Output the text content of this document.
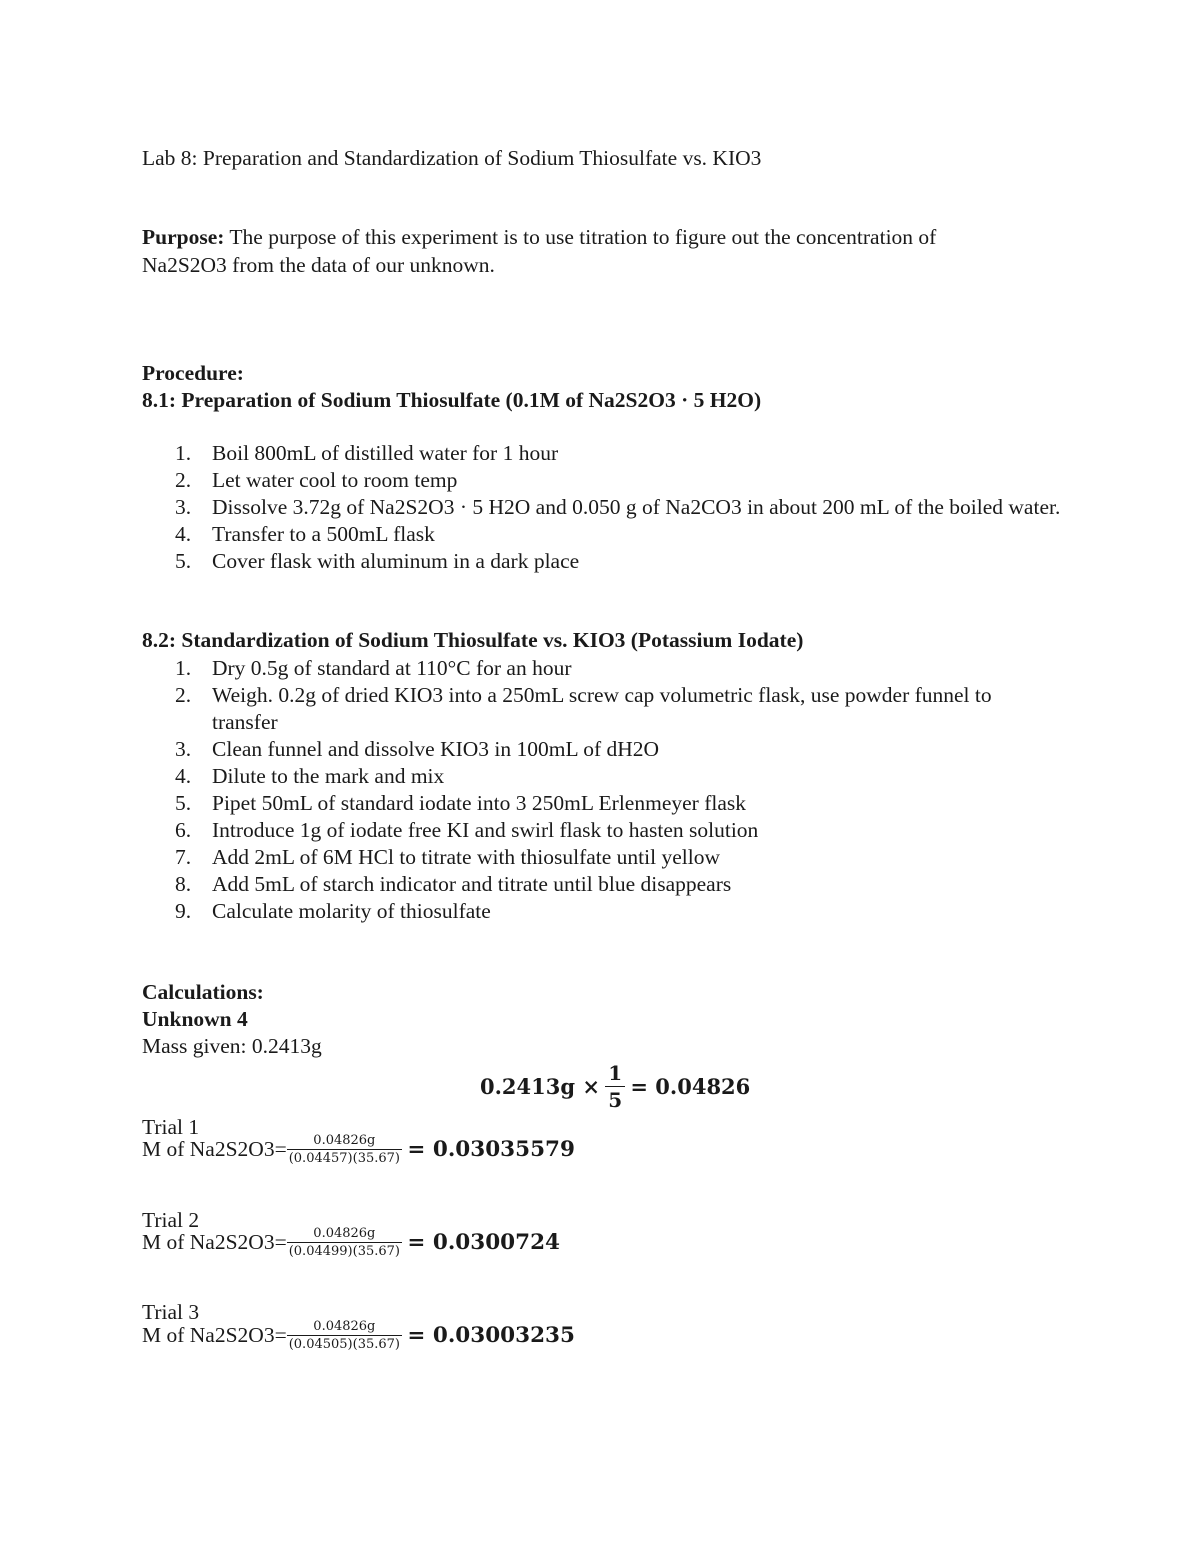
Lab 8: Preparation and Standardization of Sodium Thiosulfate vs. KIO3
Purpose: The purpose of this experiment is to use titration to figure out the concentration of
Na2S2O3 from the data of our unknown.
Procedure:
8.1: Preparation of Sodium Thiosulfate (0.1M of Na2S2O3 · 5 H2O)
1. Boil 800mL of distilled water for 1 hour
2. Let water cool to room temp
3. Dissolve 3.72g of Na2S2O3 · 5 H2O and 0.050 g of Na2CO3 in about 200 mL of the boiled water.
4. Transfer to a 500mL flask
5. Cover flask with aluminum in a dark place
8.2: Standardization of Sodium Thiosulfate vs. KIO3 (Potassium Iodate)
1. Dry 0.5g of standard at 110°C for an hour
2. Weigh. 0.2g of dried KIO3 into a 250mL screw cap volumetric flask, use powder funnel to transfer
3. Clean funnel and dissolve KIO3 in 100mL of dH2O
4. Dilute to the mark and mix
5. Pipet 50mL of standard iodate into 3 250mL Erlenmeyer flask
6. Introduce 1g of iodate free KI and swirl flask to hasten solution
7. Add 2mL of 6M HCl to titrate with thiosulfate until yellow
8. Add 5mL of starch indicator and titrate until blue disappears
9. Calculate molarity of thiosulfate
Calculations:
Unknown 4
Mass given: 0.2413g
$0.2413g \times \frac{1}{5} = 0.04826$
Trial 1
M of $Na2S2O3= \frac{0.04826g}{(0.04457)(35.67)} = 0.03035579$
Trial 2
M of $Na2S2O3= \frac{0.04826g}{(0.04499)(35.67)} = 0.0300724$
Trial 3
M of $Na2S2O3= \frac{0.04826g}{(0.04505)(35.67)} = 0.03003235$
